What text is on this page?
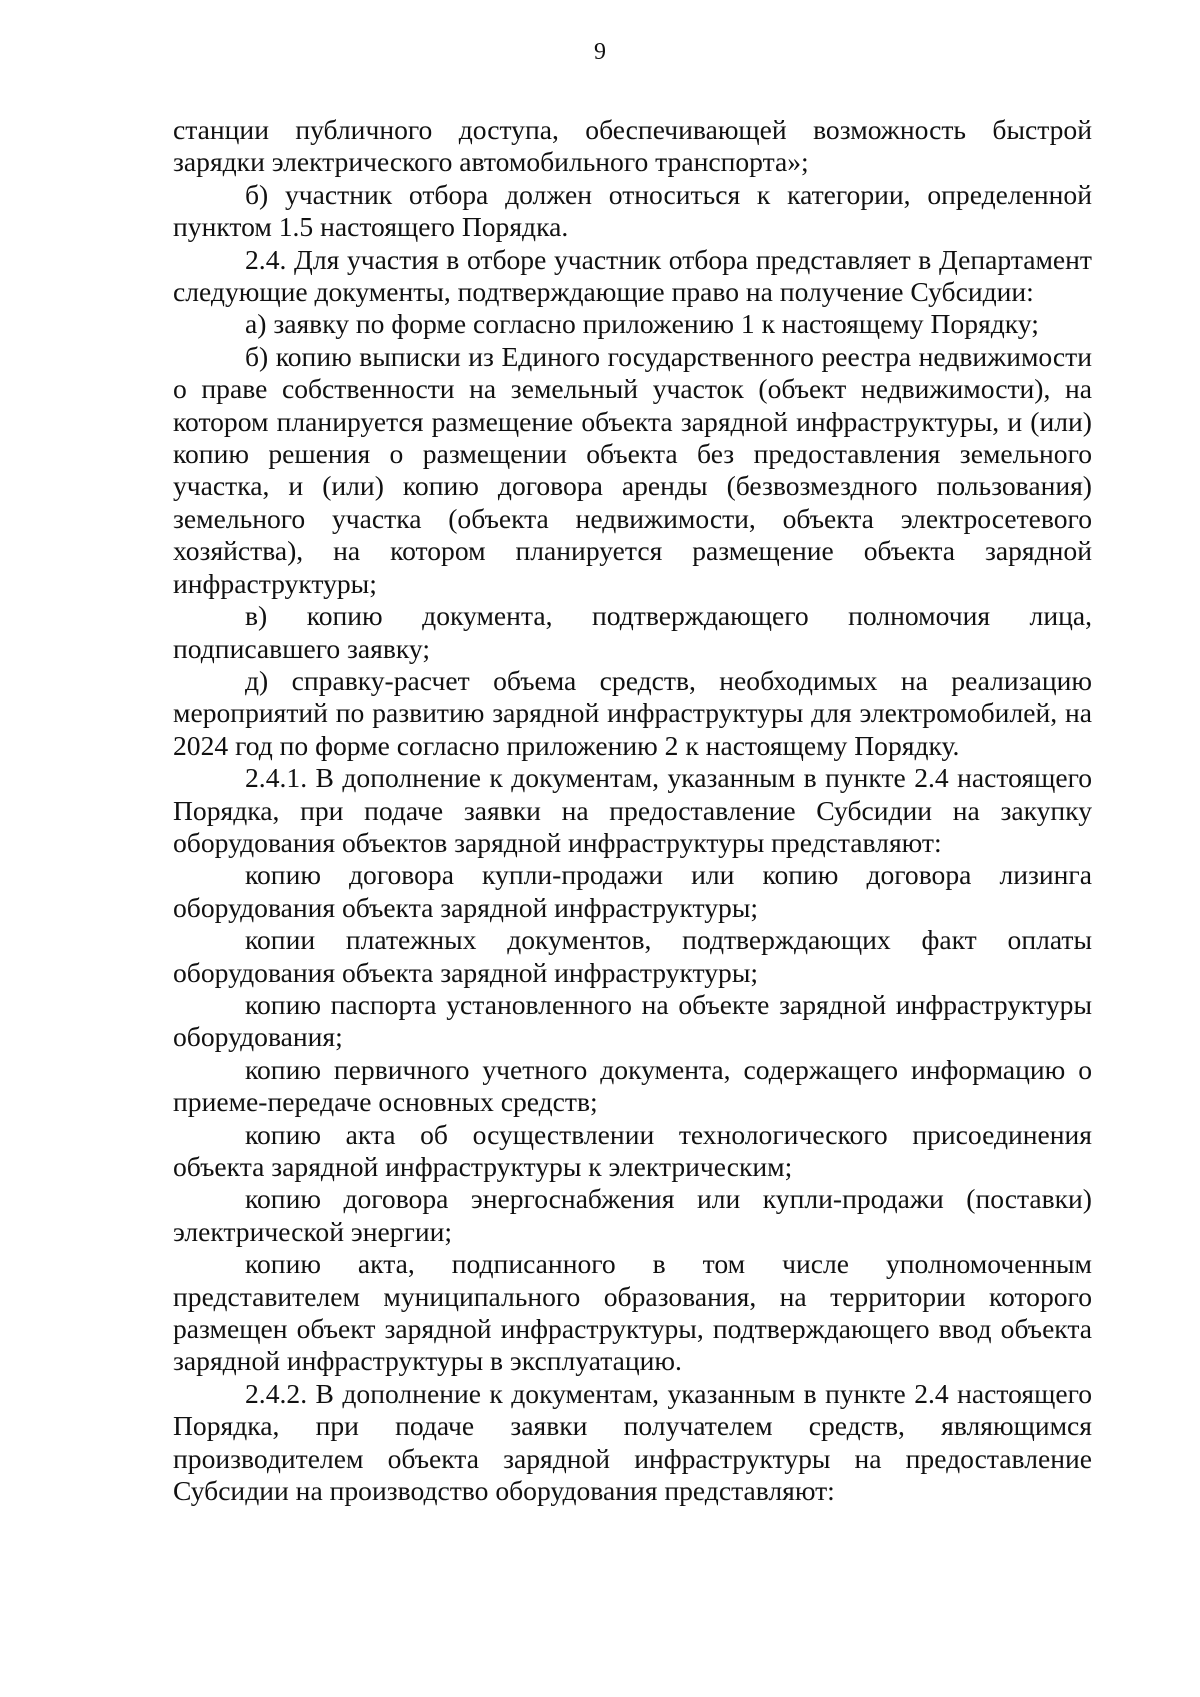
9

станции публичного доступа, обеспечивающей возможность быстрой зарядки электрического автомобильного транспорта»;

б) участник отбора должен относиться к категории, определенной пунктом 1.5 настоящего Порядка.

2.4. Для участия в отборе участник отбора представляет в Департамент следующие документы, подтверждающие право на получение Субсидии:

а) заявку по форме согласно приложению 1 к настоящему Порядку;

б) копию выписки из Единого государственного реестра недвижимости о праве собственности на земельный участок (объект недвижимости), на котором планируется размещение объекта зарядной инфраструктуры, и (или) копию решения о размещении объекта без предоставления земельного участка, и (или) копию договора аренды (безвозмездного пользования) земельного участка (объекта недвижимости, объекта электросетевого хозяйства), на котором планируется размещение объекта зарядной инфраструктуры;

в) копию документа, подтверждающего полномочия лица, подписавшего заявку;

д) справку-расчет объема средств, необходимых на реализацию мероприятий по развитию зарядной инфраструктуры для электромобилей, на 2024 год по форме согласно приложению 2 к настоящему Порядку.

2.4.1. В дополнение к документам, указанным в пункте 2.4 настоящего Порядка, при подаче заявки на предоставление Субсидии на закупку оборудования объектов зарядной инфраструктуры представляют:

копию договора купли-продажи или копию договора лизинга оборудования объекта зарядной инфраструктуры;

копии платежных документов, подтверждающих факт оплаты оборудования объекта зарядной инфраструктуры;

копию паспорта установленного на объекте зарядной инфраструктуры оборудования;

копию первичного учетного документа, содержащего информацию о приеме-передаче основных средств;

копию акта об осуществлении технологического присоединения объекта зарядной инфраструктуры к электрическим;

копию договора энергоснабжения или купли-продажи (поставки) электрической энергии;

копию акта, подписанного в том числе уполномоченным представителем муниципального образования, на территории которого размещен объект зарядной инфраструктуры, подтверждающего ввод объекта зарядной инфраструктуры в эксплуатацию.

2.4.2. В дополнение к документам, указанным в пункте 2.4 настоящего Порядка, при подаче заявки получателем средств, являющимся производителем объекта зарядной инфраструктуры на предоставление Субсидии на производство оборудования представляют:
